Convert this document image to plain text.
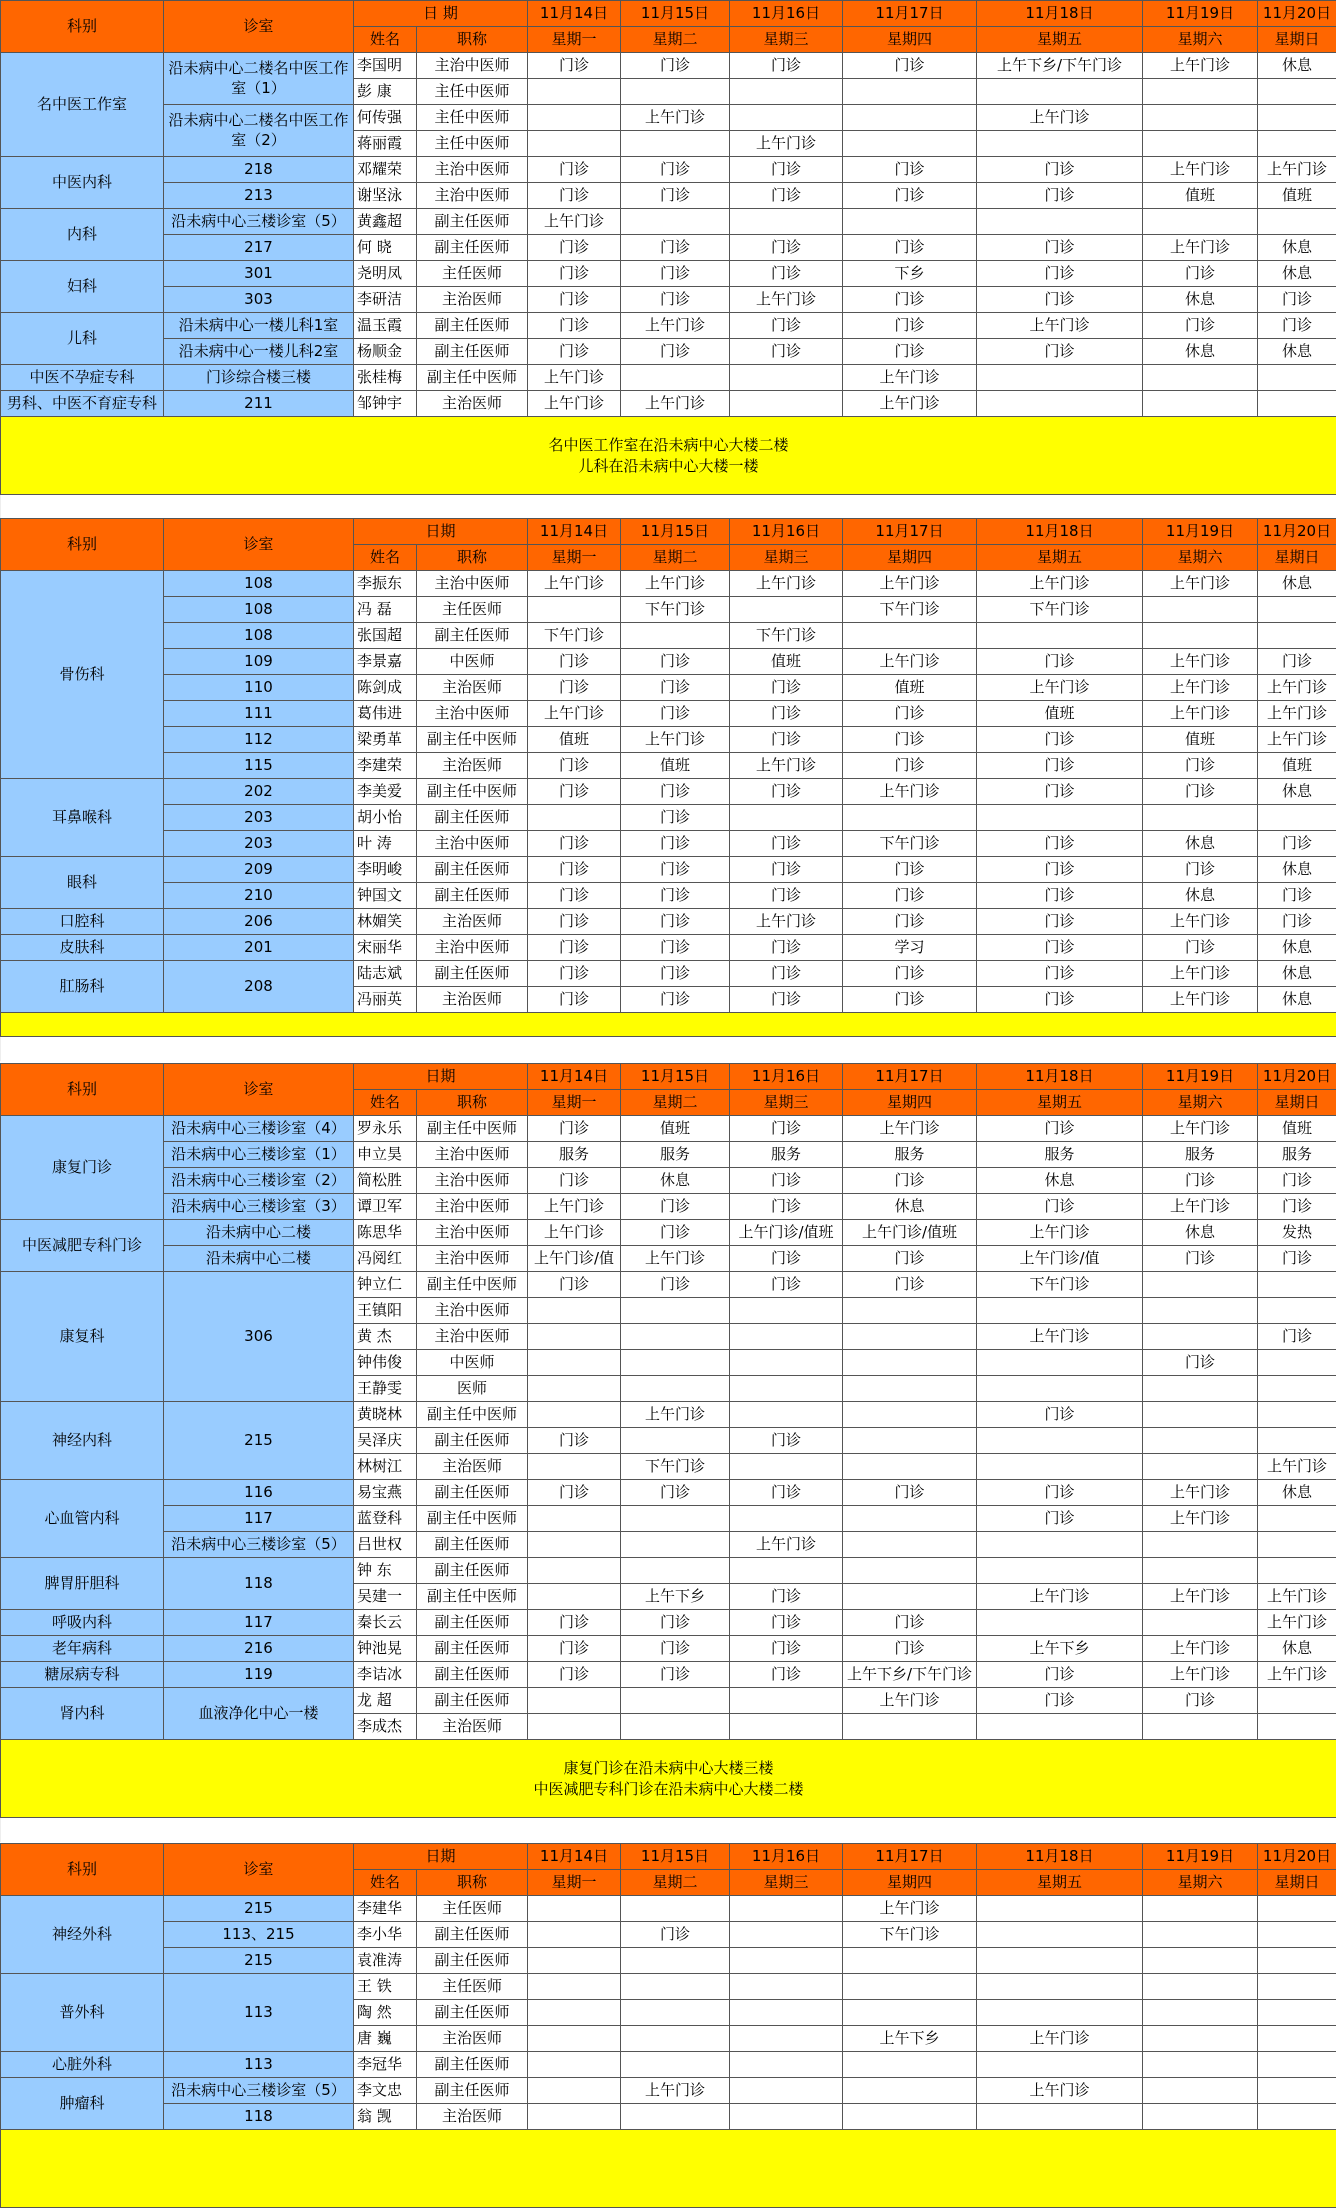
科别	诊室	日 期		11月14日	11月15日	11月16日	11月17日	11月18日	11月19日	11月20日
		姓名	职称	星期一	星期二	星期三	星期四	星期五	星期六	星期日
名中医工作室	沿未病中心二楼名中医工作室（1）	李国明	主治中医师	门诊	门诊	门诊	门诊	上午下乡/下午门诊	上午门诊	休息
		彭 康	主任中医师							
	沿未病中心二楼名中医工作室（2）	何传强	主任中医师		上午门诊			上午门诊		
		蒋丽霞	主任中医师			上午门诊				
中医内科	218	邓耀荣	主治中医师	门诊	门诊	门诊	门诊	门诊	上午门诊	上午门诊
	213	谢坚泳	主治中医师	门诊	门诊	门诊	门诊	门诊	值班	值班
内科	沿未病中心三楼诊室（5）	黄鑫超	副主任医师	上午门诊						
	217	何 晓	副主任医师	门诊	门诊	门诊	门诊	门诊	上午门诊	休息
妇科	301	尧明凤	主任医师	门诊	门诊	门诊	下乡	门诊	门诊	休息
	303	李研洁	主治医师	门诊	门诊	上午门诊	门诊	门诊	休息	门诊
儿科	沿未病中心一楼儿科1室	温玉霞	副主任医师	门诊	上午门诊	门诊	门诊	上午门诊	门诊	门诊
	沿未病中心一楼儿科2室	杨顺金	副主任医师	门诊	门诊	门诊	门诊	门诊	休息	休息
中医不孕症专科	门诊综合楼三楼	张桂梅	副主任中医师	上午门诊			上午门诊			
男科、中医不育症专科	211	邹钟宇	主治医师	上午门诊	上午门诊		上午门诊			

名中医工作室在沿未病中心大楼二楼
儿科在沿未病中心大楼一楼										

科别	诊室	日期		11月14日	11月15日	11月16日	11月17日	11月18日	11月19日	11月20日
		姓名	职称	星期一	星期二	星期三	星期四	星期五	星期六	星期日
骨伤科	108	李振东	主治中医师	上午门诊	上午门诊	上午门诊	上午门诊	上午门诊	上午门诊	休息
	108	冯 磊	主任医师		下午门诊		下午门诊	下午门诊		
	108	张国超	副主任医师	下午门诊		下午门诊				
	109	李景嘉	中医师	门诊	门诊	值班	上午门诊	门诊	上午门诊	门诊
	110	陈剑成	主治医师	门诊	门诊	门诊	值班	上午门诊	上午门诊	上午门诊
	111	葛伟进	主治中医师	上午门诊	门诊	门诊	门诊	值班	上午门诊	上午门诊
	112	梁勇革	副主任中医师	值班	上午门诊	门诊	门诊	门诊	值班	上午门诊
	115	李建荣	主治医师	门诊	值班	上午门诊	门诊	门诊	门诊	值班
耳鼻喉科	202	李美爱	副主任中医师	门诊	门诊	门诊	上午门诊	门诊	门诊	休息
	203	胡小怡	副主任医师		门诊					
	203	叶 涛	主治中医师	门诊	门诊	门诊	下午门诊	门诊	休息	门诊
眼科	209	李明峻	副主任医师	门诊	门诊	门诊	门诊	门诊	门诊	休息
	210	钟国文	副主任医师	门诊	门诊	门诊	门诊	门诊	休息	门诊
口腔科	206	林媚笑	主治医师	门诊	门诊	上午门诊	门诊	门诊	上午门诊	门诊
皮肤科	201	宋丽华	主治中医师	门诊	门诊	门诊	学习	门诊	门诊	休息
肛肠科	208	陆志斌	副主任医师	门诊	门诊	门诊	门诊	门诊	上午门诊	休息
		冯丽英	主治医师	门诊	门诊	门诊	门诊	门诊	上午门诊	休息

科别	诊室	日期		11月14日	11月15日	11月16日	11月17日	11月18日	11月19日	11月20日
		姓名	职称	星期一	星期二	星期三	星期四	星期五	星期六	星期日
康复门诊	沿未病中心三楼诊室（4）	罗永乐	副主任中医师	门诊	值班	门诊	上午门诊	门诊	上午门诊	值班
	沿未病中心三楼诊室（1）	申立昊	主治中医师	服务	服务	服务	服务	服务	服务	服务
	沿未病中心三楼诊室（2）	简松胜	主治中医师	门诊	休息	门诊	门诊	休息	门诊	门诊
	沿未病中心三楼诊室（3）	谭卫军	主治中医师	上午门诊	门诊	门诊	休息	门诊	上午门诊	门诊
中医减肥专科门诊	沿未病中心二楼	陈思华	主治中医师	上午门诊	门诊	上午门诊/值班	上午门诊/值班	上午门诊	休息	发热
	沿未病中心二楼	冯阅红	主治中医师	上午门诊/值	上午门诊	门诊	门诊	上午门诊/值	门诊	门诊
康复科	306	钟立仁	副主任中医师	门诊	门诊	门诊	门诊	下午门诊		
		王镇阳	主治中医师							
		黄 杰	主治中医师					上午门诊		门诊
		钟伟俊	中医师						门诊	
		王静雯	医师							
神经内科	215	黄晓林	副主任中医师		上午门诊			门诊		
		吴泽庆	副主任医师	门诊		门诊				
		林树江	主治医师		下午门诊					上午门诊
心血管内科	116	易宝燕	副主任医师	门诊	门诊	门诊	门诊	门诊	上午门诊	休息
	117	蓝登科	副主任中医师					门诊	上午门诊	
	沿未病中心三楼诊室（5）	吕世权	副主任医师			上午门诊				
脾胃肝胆科	118	钟 东	副主任医师							
		吴建一	副主任中医师		上午下乡	门诊		上午门诊	上午门诊	上午门诊
呼吸内科	117	秦长云	副主任医师	门诊	门诊	门诊	门诊			上午门诊
老年病科	216	钟池晃	副主任医师	门诊	门诊	门诊	门诊	上午下乡	上午门诊	休息
糖尿病专科	119	李诘冰	副主任医师	门诊	门诊	门诊	上午下乡/下午门诊	门诊	上午门诊	上午门诊
肾内科	血液净化中心一楼	龙 超	副主任医师				上午门诊	门诊	门诊	
		李成杰	主治医师							

康复门诊在沿未病中心大楼三楼
中医减肥专科门诊在沿未病中心大楼二楼										

科别	诊室	日期		11月14日	11月15日	11月16日	11月17日	11月18日	11月19日	11月20日
		姓名	职称	星期一	星期二	星期三	星期四	星期五	星期六	星期日
神经外科	215	李建华	主任医师				上午门诊			
	113、215	李小华	副主任医师		门诊		下午门诊			
	215	袁准涛	副主任医师							
普外科	113	王 铁	主任医师							
		陶 然	副主任医师							
		唐 巍	主治医师				上午下乡	上午门诊		
心脏外科	113	李冠华	副主任医师							
肿瘤科	沿未病中心三楼诊室（5）	李文忠	副主任医师		上午门诊			上午门诊		
	118	翁 觊	主治医师							
